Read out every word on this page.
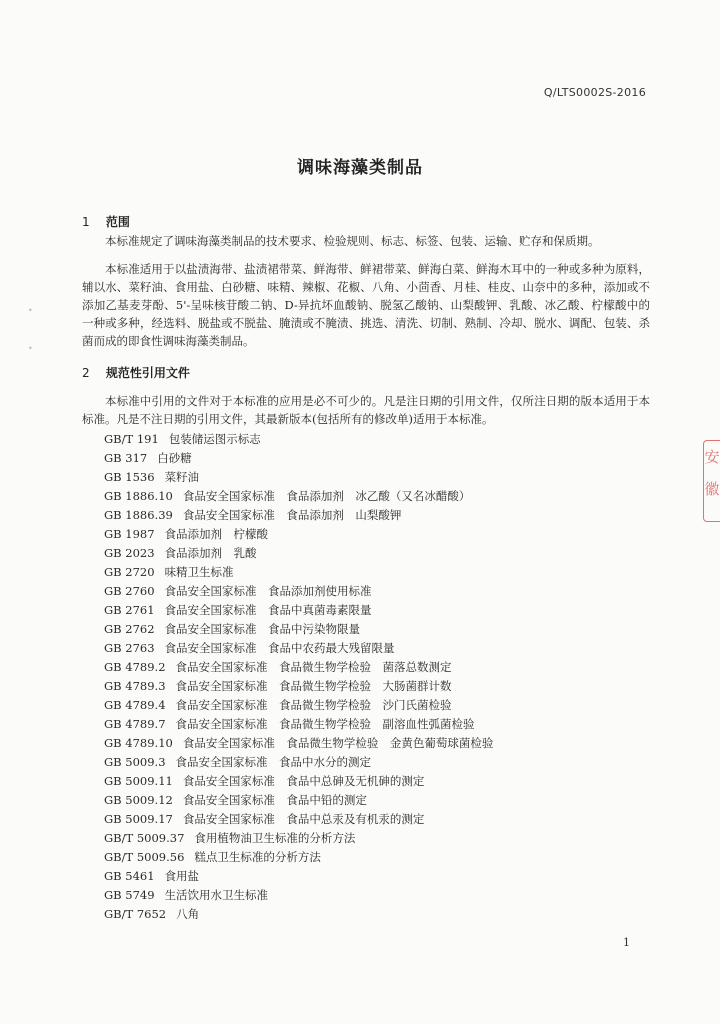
Q/LTS0002S-2016
调味海藻类制品
1 范围

本标准规定了调味海藻类制品的技术要求、检验规则、标志、标签、包装、运输、贮存和保质期。

本标准适用于以盐渍海带、盐渍裙带菜、鲜海带、鲜裙带菜、鲜海白菜、鲜海木耳中的一种或多种为原料，辅以水、菜籽油、食用盐、白砂糖、味精、辣椒、花椒、八角、小茴香、月桂、桂皮、山奈中的多种，添加或不添加乙基麦芽酚、5'-呈味核苷酸二钠、D-异抗坏血酸钠、脱氢乙酸钠、山梨酸钾、乳酸、冰乙酸、柠檬酸中的一种或多种，经选料、脱盐或不脱盐、腌渍或不腌渍、挑选、清洗、切制、熟制、冷却、脱水、调配、包装、杀菌而成的即食性调味海藻类制品。

2 规范性引用文件

本标准中引用的文件对于本标准的应用是必不可少的。凡是注日期的引用文件，仅所注日期的版本适用于本标准。凡是不注日期的引用文件，其最新版本(包括所有的修改单)适用于本标准。

GB/T 191 包装储运图示标志
GB 317 白砂糖
GB 1536 菜籽油
GB 1886.10 食品安全国家标准　食品添加剂　冰乙酸（又名冰醋酸）
GB 1886.39 食品安全国家标准　食品添加剂　山梨酸钾
GB 1987 食品添加剂　柠檬酸
GB 2023 食品添加剂　乳酸
GB 2720 味精卫生标准
GB 2760 食品安全国家标准　食品添加剂使用标准
GB 2761 食品安全国家标准　食品中真菌毒素限量
GB 2762 食品安全国家标准　食品中污染物限量
GB 2763 食品安全国家标准　食品中农药最大残留限量
GB 4789.2 食品安全国家标准　食品微生物学检验　菌落总数测定
GB 4789.3 食品安全国家标准　食品微生物学检验　大肠菌群计数
GB 4789.4 食品安全国家标准　食品微生物学检验　沙门氏菌检验
GB 4789.7 食品安全国家标准　食品微生物学检验　副溶血性弧菌检验
GB 4789.10 食品安全国家标准　食品微生物学检验　金黄色葡萄球菌检验
GB 5009.3 食品安全国家标准　食品中水分的测定
GB 5009.11 食品安全国家标准　食品中总砷及无机砷的测定
GB 5009.12 食品安全国家标准　食品中铅的测定
GB 5009.17 食品安全国家标准　食品中总汞及有机汞的测定
GB/T 5009.37 食用植物油卫生标准的分析方法
GB/T 5009.56 糕点卫生标准的分析方法
GB 5461 食用盐
GB 5749 生活饮用水卫生标准
GB/T 7652 八角
1
安徽
•
•
